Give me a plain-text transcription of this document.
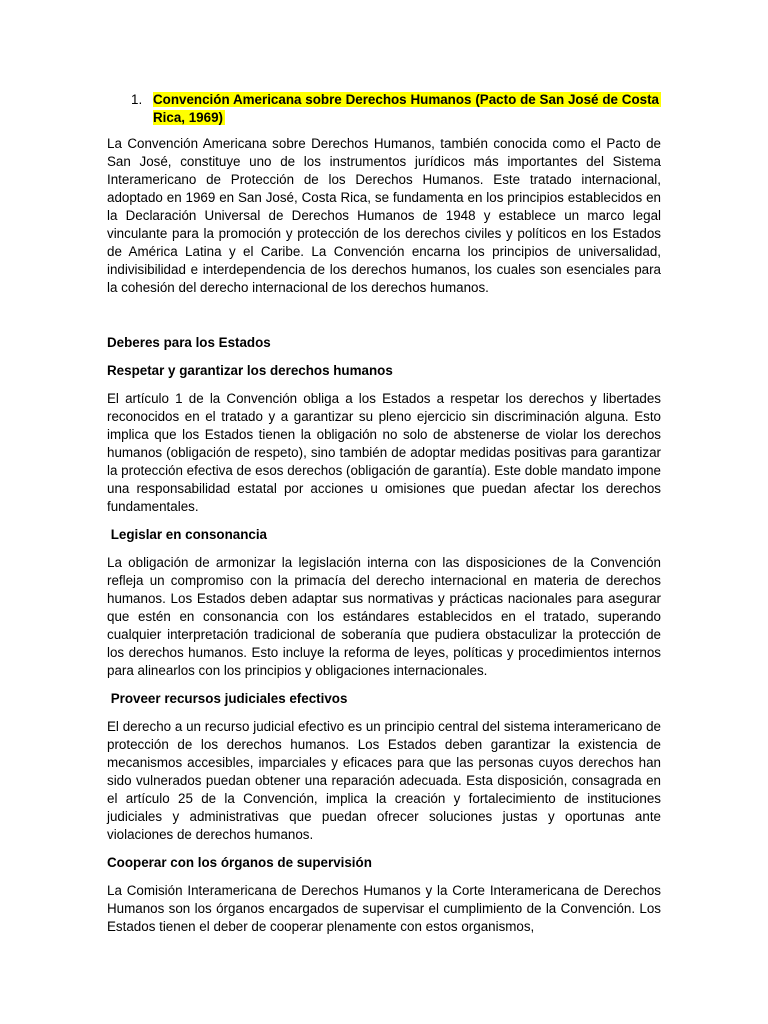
1. Convención Americana sobre Derechos Humanos (Pacto de San José de Costa Rica, 1969)

La Convención Americana sobre Derechos Humanos, también conocida como el Pacto de San José, constituye uno de los instrumentos jurídicos más importantes del Sistema Interamericano de Protección de los Derechos Humanos. Este tratado internacional, adoptado en 1969 en San José, Costa Rica, se fundamenta en los principios establecidos en la Declaración Universal de Derechos Humanos de 1948 y establece un marco legal vinculante para la promoción y protección de los derechos civiles y políticos en los Estados de América Latina y el Caribe. La Convención encarna los principios de universalidad, indivisibilidad e interdependencia de los derechos humanos, los cuales son esenciales para la cohesión del derecho internacional de los derechos humanos.

Deberes para los Estados
Respetar y garantizar los derechos humanos

El artículo 1 de la Convención obliga a los Estados a respetar los derechos y libertades reconocidos en el tratado y a garantizar su pleno ejercicio sin discriminación alguna. Esto implica que los Estados tienen la obligación no solo de abstenerse de violar los derechos humanos (obligación de respeto), sino también de adoptar medidas positivas para garantizar la protección efectiva de esos derechos (obligación de garantía). Este doble mandato impone una responsabilidad estatal por acciones u omisiones que puedan afectar los derechos fundamentales.

Legislar en consonancia

La obligación de armonizar la legislación interna con las disposiciones de la Convención refleja un compromiso con la primacía del derecho internacional en materia de derechos humanos. Los Estados deben adaptar sus normativas y prácticas nacionales para asegurar que estén en consonancia con los estándares establecidos en el tratado, superando cualquier interpretación tradicional de soberanía que pudiera obstaculizar la protección de los derechos humanos. Esto incluye la reforma de leyes, políticas y procedimientos internos para alinearlos con los principios y obligaciones internacionales.

Proveer recursos judiciales efectivos

El derecho a un recurso judicial efectivo es un principio central del sistema interamericano de protección de los derechos humanos. Los Estados deben garantizar la existencia de mecanismos accesibles, imparciales y eficaces para que las personas cuyos derechos han sido vulnerados puedan obtener una reparación adecuada. Esta disposición, consagrada en el artículo 25 de la Convención, implica la creación y fortalecimiento de instituciones judiciales y administrativas que puedan ofrecer soluciones justas y oportunas ante violaciones de derechos humanos.

Cooperar con los órganos de supervisión

La Comisión Interamericana de Derechos Humanos y la Corte Interamericana de Derechos Humanos son los órganos encargados de supervisar el cumplimiento de la Convención. Los Estados tienen el deber de cooperar plenamente con estos organismos,
